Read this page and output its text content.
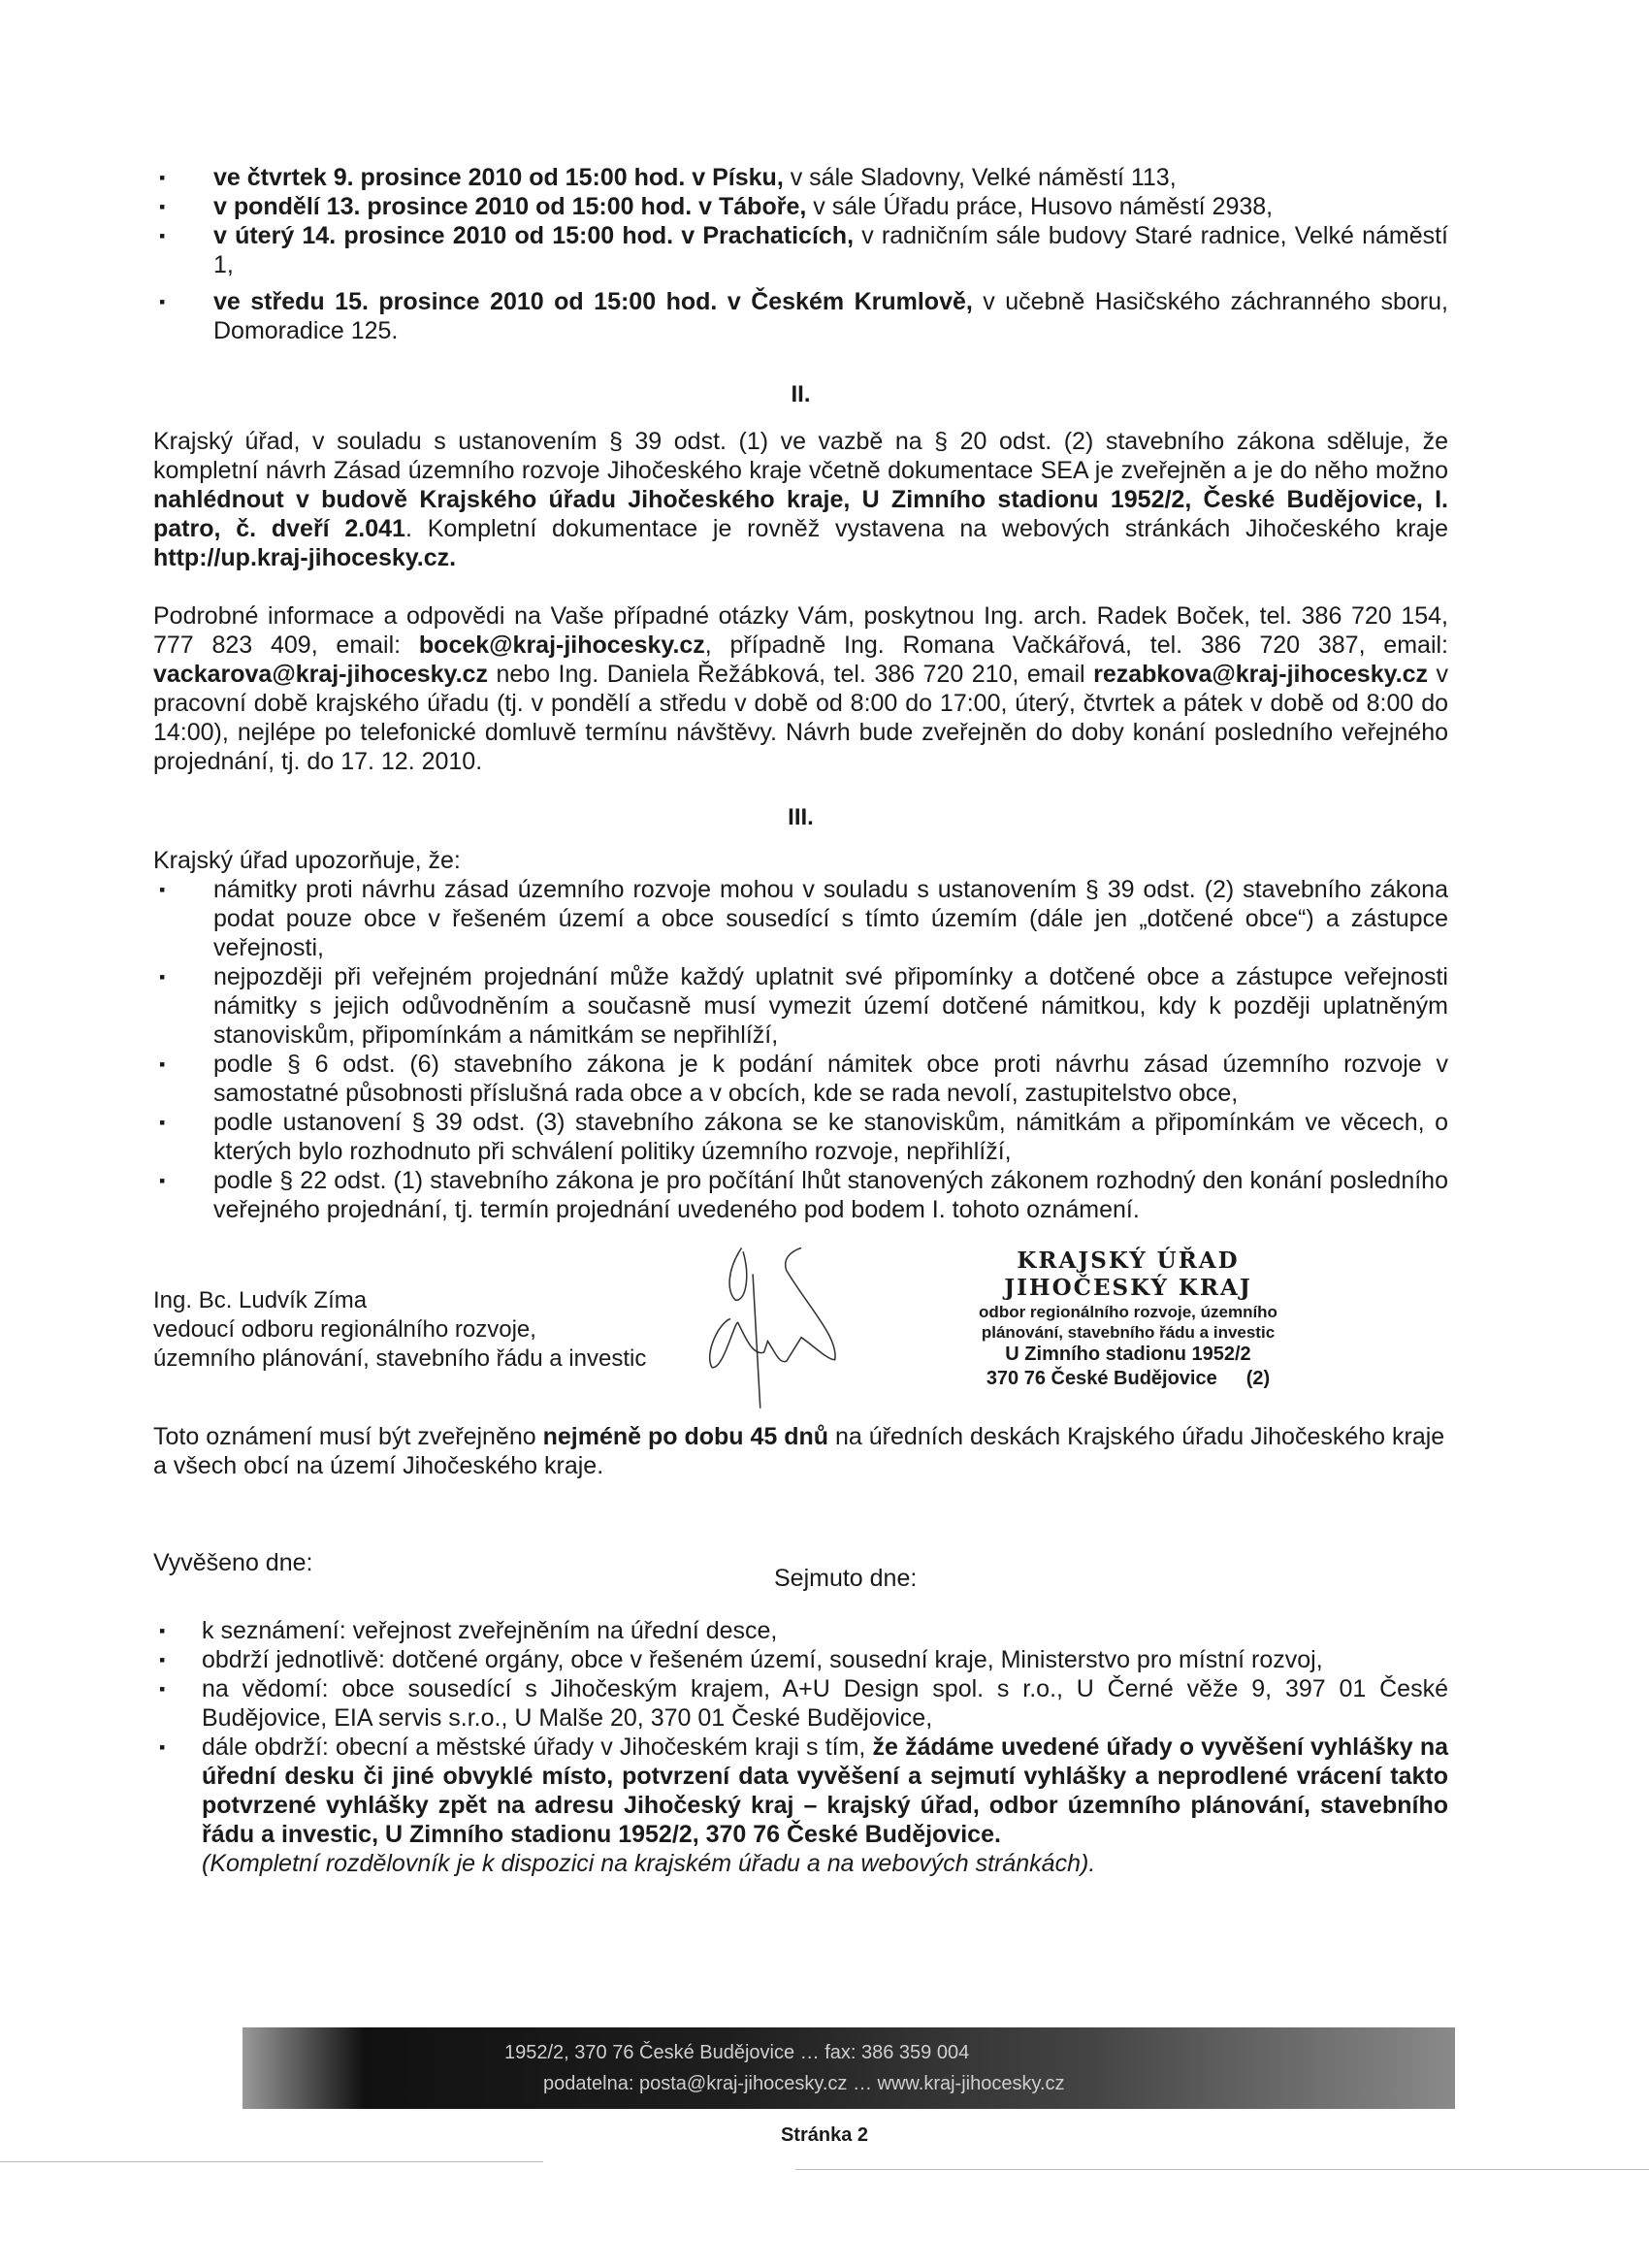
▪ ve čtvrtek 9. prosince 2010 od 15:00 hod. v Písku, v sále Sladovny, Velké náměstí 113,
▪ v pondělí 13. prosince 2010 od 15:00 hod. v Táboře, v sále Úřadu práce, Husovo náměstí 2938,
▪ v úterý 14. prosince 2010 od 15:00 hod. v Prachaticích, v radničním sále budovy Staré radnice, Velké náměstí 1,
▪ ve středu 15. prosince 2010 od 15:00 hod. v Českém Krumlově, v učebně Hasičského záchranného sboru, Domoradice 125.
II.
Krajský úřad, v souladu s ustanovením § 39 odst. (1) ve vazbě na § 20 odst. (2) stavebního zákona sděluje, že kompletní návrh Zásad územního rozvoje Jihočeského kraje včetně dokumentace SEA je zveřejněn a je do něho možno nahlédnout v budově Krajského úřadu Jihočeského kraje, U Zimního stadionu 1952/2, České Budějovice, I. patro, č. dveří 2.041. Kompletní dokumentace je rovněž vystavena na webových stránkách Jihočeského kraje http://up.kraj-jihocesky.cz.
Podrobné informace a odpovědi na Vaše případné otázky Vám, poskytnou Ing. arch. Radek Boček, tel. 386 720 154, 777 823 409, email: bocek@kraj-jihocesky.cz, případně Ing. Romana Vačkářová, tel. 386 720 387, email: vackarova@kraj-jihocesky.cz nebo Ing. Daniela Řežábková, tel. 386 720 210, email rezabkova@kraj-jihocesky.cz v pracovní době krajského úřadu (tj. v pondělí a středu v době od 8:00 do 17:00, úterý, čtvrtek a pátek v době od 8:00 do 14:00), nejlépe po telefonické domluvě termínu návštěvy. Návrh bude zveřejněn do doby konání posledního veřejného projednání, tj. do 17. 12. 2010.
III.
Krajský úřad upozorňuje, že:
▪ námitky proti návrhu zásad územního rozvoje mohou v souladu s ustanovením § 39 odst. (2) stavebního zákona podat pouze obce v řešeném území a obce sousedící s tímto územím (dále jen „dotčené obce“) a zástupce veřejnosti,
▪ nejpozději při veřejném projednání může každý uplatnit své připomínky a dotčené obce a zástupce veřejnosti námitky s jejich odůvodněním a současně musí vymezit území dotčené námitkou, kdy k později uplatněným stanoviskům, připomínkám a námitkám se nepřihlíží,
▪ podle § 6 odst. (6) stavebního zákona je k podání námitek obce proti návrhu zásad územního rozvoje v samostatné působnosti příslušná rada obce a v obcích, kde se rada nevolí, zastupitelstvo obce,
▪ podle ustanovení § 39 odst. (3) stavebního zákona se ke stanoviskům, námitkám a připomínkám ve věcech, o kterých bylo rozhodnuto při schválení politiky územního rozvoje, nepřihlíží,
▪ podle § 22 odst. (1) stavebního zákona je pro počítání lhůt stanovených zákonem rozhodný den konání posledního veřejného projednání, tj. termín projednání uvedeného pod bodem I. tohoto oznámení.
Ing. Bc. Ludvík Zíma
vedoucí odboru regionálního rozvoje,
územního plánování, stavebního řádu a investic
KRAJSKÝ ÚŘAD
JIHOČESKÝ KRAJ
odbor regionálního rozvoje, územního
plánování, stavebního řádu a investic
U Zimního stadionu 1952/2
370 76 České Budějovice (2)
Toto oznámení musí být zveřejněno nejméně po dobu 45 dnů na úředních deskách Krajského úřadu Jihočeského kraje a všech obcí na území Jihočeského kraje.
Vyvěšeno dne:
Sejmuto dne:
▪ k seznámení: veřejnost zveřejněním na úřední desce,
▪ obdrží jednotlivě: dotčené orgány, obce v řešeném území, sousední kraje, Ministerstvo pro místní rozvoj,
▪ na vědomí: obce sousedící s Jihočeským krajem, A+U Design spol. s r.o., U Černé věže 9, 397 01 České Budějovice, EIA servis s.r.o., U Malše 20, 370 01 České Budějovice,
▪ dále obdrží: obecní a městské úřady v Jihočeském kraji s tím, že žádáme uvedené úřady o vyvěšení vyhlášky na úřední desku či jiné obvyklé místo, potvrzení data vyvěšení a sejmutí vyhlášky a neprodlené vrácení takto potvrzené vyhlášky zpět na adresu Jihočeský kraj – krajský úřad, odbor územního plánování, stavebního řádu a investic, U Zimního stadionu 1952/2, 370 76 České Budějovice.
(Kompletní rozdělovník je k dispozici na krajském úřadu a na webových stránkách).
1952/2, 370 76 České Budějovice … fax: 386 359 004
podatelna: posta@kraj-jihocesky.cz … www.kraj-jihocesky.cz
Stránka 2
